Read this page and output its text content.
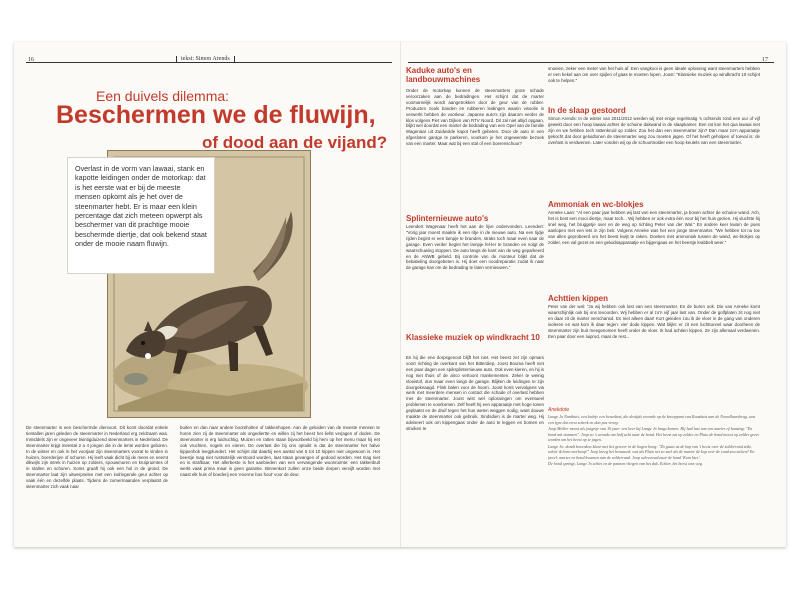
16	17
tekst: Simon Arends
Een duivels dilemma:
Beschermen we de fluwijn,
of dood aan de vijand?
Overlast in de vorm van lawaai, stank en kapotte leidingen onder de motorkap: dat is het eerste wat er bij de meeste mensen opkomt als je het over de steenmarter hebt. Er is maar een klein percentage dat zich meteen opwerpt als beschermer van dit prachtige mooie beschermde diertje, dat ook bekend staat onder de mooie naam fluwijn.

De steenmarter is een beschermde diersoort. Dit komt doordat enkele tientallen jaren geleden de steenmarter in Nederland erg zeldzaam was. Inmiddels zijn er ongeveer twintigduizend steenmarters in Nederland. De steenmarter krijgt meestal 2 a 4 jongen die in de lente worden geboren. In de winter en ook in het voorjaar zijn steenmarters vooral te vinden in huizen, boerderijen of schuren. Hij leeft vaak dicht bij de mens en neemt dikwijls zijn intrek in huizen op zolders, spouwmuren en kruipruimtes of in stallen en schuren. Soms graaft hij ook een hol in de grond. De steenmarter laat zijn uitwerpselen met een indringende geur achter op vaak één en dezelfde plaats. Tijdens de zomermaanden verplaatst de steenmarter zich vaak naar

buiten en dan naar andere boomholten of takkenhopen. Aan de geluiden van de meeste mensen te horen zien zij de steenmarter als ongediertte en willen zij het beest het liefst verjagen of doden. De steenmarter is erg luidruchtig. Muizen en ratten staan bijvoorbeeld bij hem op het menu maar hij eet ook vruchten, vogels en eieren. De overlast die bij ons optuikt is dat de steenmarter het halve kippenhok leegplundert. Het schijnt dat daarbij een aantal van 5 tot 10 kippen niet ongewoon is. Het beestje mag niet rustsstelijk verstoord worden, laat staan gevangen of gedood worden. Het mag niet en is strafbaar. Het allerbeste is het aanbieden van een vervangende woonruimte: een takkenbult werkt vaak prima maar is geen garantie. Binnenkort zullen onze beide dorpen vervijlt worden met naast elk huis of boederij een 'enorme bos hout' voor de deur.

Kaduke auto's en landbouwmachines

Onder de motorkap kunnen de steenmarters grote schade veroorzaken aan de bedradingen. Het schijnt dat de marter voornamelijk wordt aangetrokken door de geur van de rubber. Producten zoals banden en rubberen leidingen waarin vissolie is verwerkt hebben de voorkeur. Japanse auto's zijn daarom eerder de klos volgens Piet van Dijken van RTV Noord. Dit zal niet altijd opgaan, blijkt wel doordat een marter de bedrading van een Opel van de familie Wagenaar uit Zuidwolde kapot heeft gebeten. Door de auto in een afgesloten garage te parkeren, voorkom je het ongewenste bezoek van een marter. Maar wat bij een stal of een boerenschuur?

Splinternieuwe auto's

Leendert Wagenaar heeft het aan de lijve ondervonden. Leendert: "Vorig jaar moest maakte ik een ritje in de nieuwe auto. Na een tijdje rijden begint er een lampje te branden, straks toch maar even naar de garage. Even verder begint het lampje fel-ler te branden en volgt de waarschuwing stoppen. De auto langs de kant van de weg geparkeerd en de ANWB gebeld. Bij controle van de monteur blijkt dat de bekabeling doorgebeten is. Hij doet een noodreparatie zodat ik naar de garage kan om de bedrading te laten vernieuwen."

Klassieke muziek op windkracht 10

En bij die ene dorpsgenoot blijft het niet. Het beest zet zijn opmars voort richting de overkant van het Bitterdiep. Joost Bouma heeft niet een paar dagen een spiksplinternieuwe auto. Ook even kieren, en hij is nog niet thuis of de airco vertoont mankementen. Zeker te weinig vloeistof, dus maar even langs de garage. Blijken de leidingen te zijn doorgeknaagd. Flink balen voor de hoorn. Joost komt vervolgens via werk met meerdere mensen in contact die schade of overlast hebben met de steenmarter. Joost wist wel oplossingen om eventueel problemen te voorkomen. Zelf heeft hij een apparaatje met hoge tonen geplaatst en de druif tegen het hun weten weggen nodig, want douwe maakte de steenmarter ook gebruik. Sindsdien is de marter weg. Hij adviseert ook om kippengaas onder de auto te leggen en bomen en struiken te

snoeien, zeker een meter van het huis af. Een vangkooi is geen ideale oplossing want steenmarters hebben er een hekel aan om over spijlen of gaas te moeten lopen. Joost: "Klassieke muziek op windkracht 10 schijnt ook te helpen."

In de slaap gestoord

Simon Arends: In de winter van 2011/2012 werden wij met enige regelmatig 's ochtends rond een uur of vijf gewekt door een hoop lawaai achter de schuine dakwand in de slaapkamer. Een rat kon het qua lawaai niet zijn en we hebben toch rattenkruid op zolder. Zou het dan een steenmarter zijn? Dan maar zo'n apparaatje gekocht dat door geluidtonen de steenmarter weg zou moeten jagen. Of het heeft geholpen of toeval is: de overlast is verdwenen. Later vonden wij op de schuurtnolder een hoop keutels van een steenmarter.

Ammoniak en wc-blokjes

Anneke Laan: "Al een paar jaar hebben wij last van een steenmarter, ja boven achter de schuine wand. Ach, het is best een mooi diertje, maar toch... Wij hebben er ook extra één voor bij het huis gezien. Hij vluchtte hij snel weg, het bruggetje over en de weg op richting Peter van der Wal." En andere keer kwam de poes aanlopen met een iets in zijn bek. Volgens Anneke was het een jonge steenmarter. "We hebben tot nu toe van alles geprobeerd om het beest kwijt te raken. Doeken met ammoniak tussen de wand, wc-blokjes op zolder, een val gezet en een geluidsapparaatje en bijgengaas en het beestje krabbelt weer."

Achttien kippen

Peter van der wal: "Ja wij hebben ook last van een steenmarter. En de buren ook. Die van Anneke komt waarschijnlijk ook bij ons tevoorden. Wij hebben er al zo'n vijf jaar last van. Onder de golfplaten zit nog niet en daar zit de marter verschansd. En niet alleen daar! Kort geleden zou ik de vloer in de gang van onderen isoleren en wat kom ik daar tegen: vier dode kippen. Wat blijkt: er zit een luchttunnel waar doorheen de steenmarter zijn buit meegenomen heeft onder de vloer. Ik had achtien kippen. Ze zijn allemaal verdwenen. Een paar door een luiprod, maar de rest...

Anekdote

Lange Jo Nanthuis, een bedrje een benedtest, die destijds woonde op de knooppunt van Kaashuis aan de Noordlaarsbrug, was een type dat eerst schrok en dan pas vroeg.

Joop Melker moest als jongetje van 10 jaar: een keer bij Lange Jo langs komen. Hij had last van een marter of bunzing: "En hond mit nemmen". Joop zo 's avonds om half acht naar de hond. Het beest zat op zolder en Pluto de hond moest op zolder gezet worden om het beest op te jagen.

Lange Jo: dondt bovenkon klaar met het geweer in de hogen hoog: "Zo gauw as de kop van 't beest over de zolderrand stikt, schiet ik hom overhoop!" Joop kreeg het benauwd: wat als Pluto net zo snel als de marter de kop over de rand zou steken? En jawel: marter en hond kwamen aan de zolderrand. Joop schreeuwd naar de hond 'Kom hier'.

De hond springt, Lange Jo schiet en de pannen vliegen van het dak. Echter, het beest was weg.
